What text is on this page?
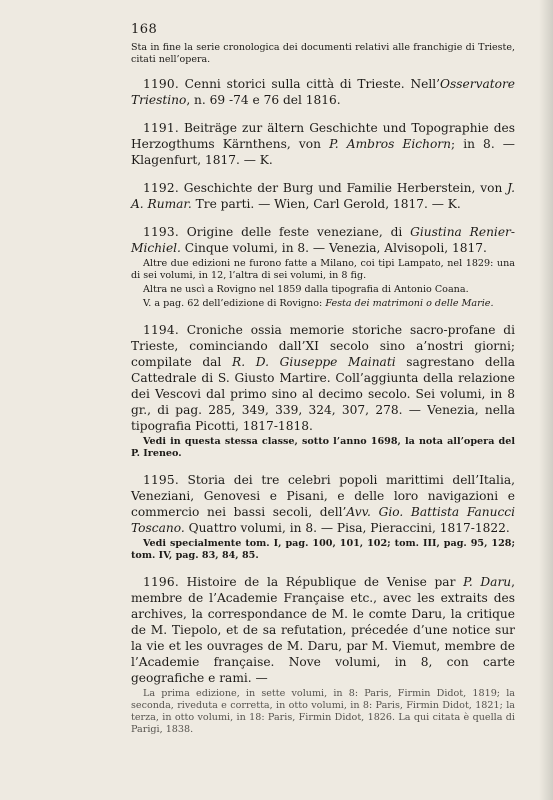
168

Sta in fine la serie cronologica dei documenti relativi alle franchigie di Trieste, citati nell’opera.

1190. Cenni storici sulla città di Trieste. Nell’Osservatore Triestino, n. 69 -74 e 76 del 1816.

1191. Beiträge zur ältern Geschichte und Topographie des Herzogthums Kärnthens, von P. Ambros Eichorn; in 8. — Klagenfurt, 1817. — K.

1192. Geschichte der Burg und Familie Herberstein, von J. A. Rumar. Tre parti. — Wien, Carl Gerold, 1817. — K.

1193. Origine delle feste veneziane, di Giustina Renier-Michiel. Cinque volumi, in 8. — Venezia, Alvisopoli, 1817.

Altre due edizioni ne furono fatte a Milano, coi tipi Lampato, nel 1829: una di sei volumi, in 12, l’altra di sei volumi, in 8 fig.

Altra ne uscì a Rovigno nel 1859 dalla tipografia di Antonio Coana.

V. a pag. 62 dell’edizione di Rovigno: Festa dei matrimoni o delle Marie.

1194. Croniche ossia memorie storiche sacro-profane di Trieste, cominciando dall’XI secolo sino a’nostri giorni; compilate dal R. D. Giuseppe Mainati sagrestano della Cattedrale di S. Giusto Martire. Coll’aggiunta della relazione dei Vescovi dal primo sino al decimo secolo. Sei volumi, in 8 gr., di pag. 285, 349, 339, 324, 307, 278. — Venezia, nella tipografia Picotti, 1817-1818.

Vedi in questa stessa classe, sotto l’anno 1698, la nota all’opera del P. Ireneo.

1195. Storia dei tre celebri popoli marittimi dell’Italia, Veneziani, Genovesi e Pisani, e delle loro navigazioni e commercio nei bassi secoli, dell’Avv. Gio. Battista Fanucci Toscano. Quattro volumi, in 8. — Pisa, Pieraccini, 1817-1822.

Vedi specialmente tom. I, pag. 100, 101, 102; tom. III, pag. 95, 128; tom. IV, pag. 83, 84, 85.

1196. Histoire de la République de Venise par P. Daru, membre de l’Academie Française etc., avec les extraits des archives, la correspondance de M. le comte Daru, la critique de M. Tiepolo, et de sa refutation, précedée d’une notice sur la vie et les ouvrages de M. Daru, par M. Viemut, membre de l’Academie française. Nove volumi, in 8, con carte geografiche e rami. —

La prima edizione, in sette volumi, in 8: Paris, Firmin Didot, 1819; la seconda, riveduta e corretta, in otto volumi, in 8: Paris, Firmin Didot, 1821; la terza, in otto volumi, in 18: Paris, Firmin Didot, 1826. La qui citata è quella di Parigi, 1838.
